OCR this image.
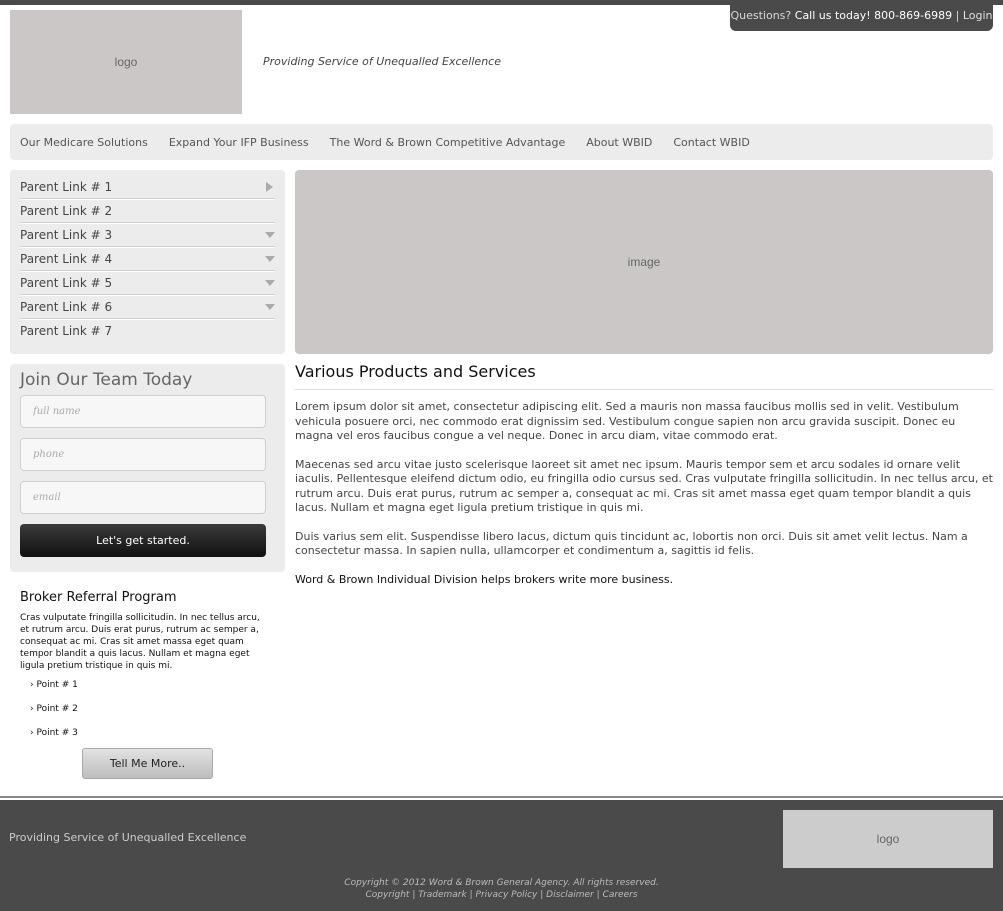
Questions? Call us today! 800-869-6989 | Login
logo	Providing Service of Unequalled Excellence
Our Medicare Solutions Expand Your IFP Business The Word & Brown Competitive Advantage About WBID Contact WBID
Parent Link # 1
Parent Link # 2
Parent Link # 3
Parent Link # 4
Parent Link # 5
Parent Link # 6
Parent Link # 7
image
Join Our Team Today
full name
phone
email
Let's get started.
Broker Referral Program

Cras vulputate fringilla sollicitudin. In nec tellus arcu, et rutrum arcu. Duis erat purus, rutrum ac semper a, consequat ac mi. Cras sit amet massa eget quam tempor blandit a quis lacus. Nullam et magna eget ligula pretium tristique in quis mi.

› Point # 1
› Point # 2
› Point # 3
Tell Me More..
Various Products and Services

Lorem ipsum dolor sit amet, consectetur adipiscing elit. Sed a mauris non massa faucibus mollis sed in velit. Vestibulum vehicula posuere orci, nec commodo erat dignissim sed. Vestibulum congue sapien non arcu gravida suscipit. Donec eu magna vel eros faucibus congue a vel neque. Donec in arcu diam, vitae commodo erat.

Maecenas sed arcu vitae justo scelerisque laoreet sit amet nec ipsum. Mauris tempor sem et arcu sodales id ornare velit iaculis. Pellentesque eleifend dictum odio, eu fringilla odio cursus sed. Cras vulputate fringilla sollicitudin. In nec tellus arcu, et rutrum arcu. Duis erat purus, rutrum ac semper a, consequat ac mi. Cras sit amet massa eget quam tempor blandit a quis lacus. Nullam et magna eget ligula pretium tristique in quis mi.

Duis varius sem elit. Suspendisse libero lacus, dictum quis tincidunt ac, lobortis non orci. Duis sit amet velit lectus. Nam a consectetur massa. In sapien nulla, ullamcorper et condimentum a, sagittis id felis.

Word & Brown Individual Division helps brokers write more business.

Providing Service of Unequalled Excellence	logo
Copyright © 2012 Word & Brown General Agency. All rights reserved.
Copyright | Trademark | Privacy Policy | Disclaimer | Careers
